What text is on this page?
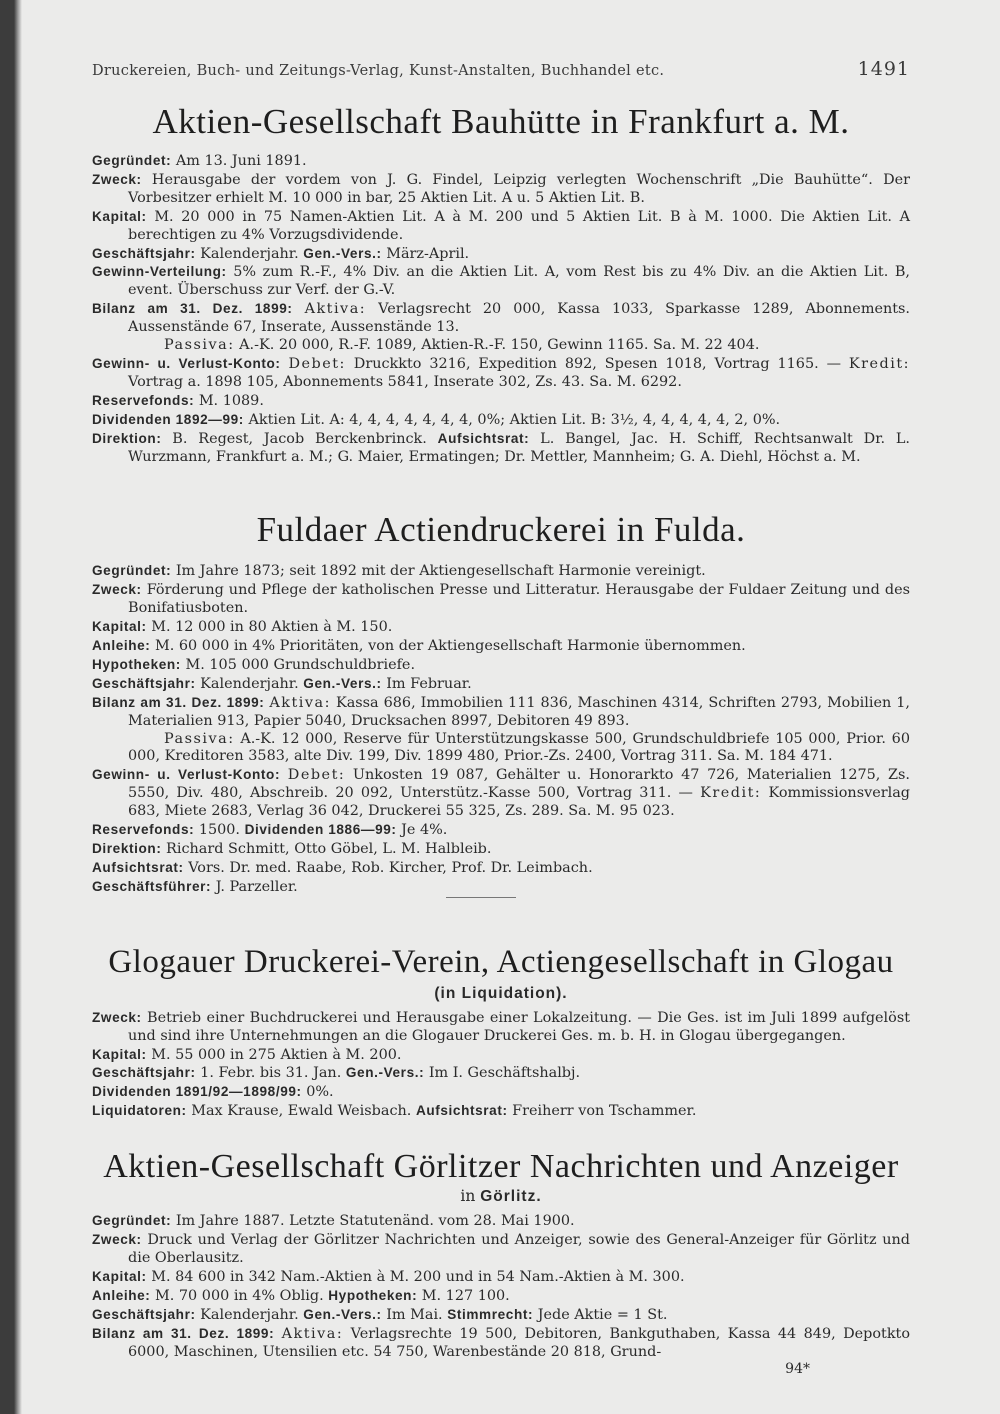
Druckereien, Buch- und Zeitungs-Verlag, Kunst-Anstalten, Buchhandel etc.	1491
Aktien-Gesellschaft Bauhütte in Frankfurt a. M.

Gegründet: Am 13. Juni 1891.

Zweck: Herausgabe der vordem von J. G. Findel, Leipzig verlegten Wochenschrift „Die Bauhütte“. Der Vorbesitzer erhielt M. 10 000 in bar, 25 Aktien Lit. A u. 5 Aktien Lit. B.

Kapital: M. 20 000 in 75 Namen-Aktien Lit. A à M. 200 und 5 Aktien Lit. B à M. 1000. Die Aktien Lit. A berechtigen zu 4% Vorzugsdividende.

Geschäftsjahr: Kalenderjahr. Gen.-Vers.: März-April.

Gewinn-Verteilung: 5% zum R.-F., 4% Div. an die Aktien Lit. A, vom Rest bis zu 4% Div. an die Aktien Lit. B, event. Überschuss zur Verf. der G.-V.

Bilanz am 31. Dez. 1899: Aktiva: Verlagsrecht 20 000, Kassa 1033, Sparkasse 1289, Abonnements. Aussenstände 67, Inserate, Aussenstände 13.

Passiva: A.-K. 20 000, R.-F. 1089, Aktien-R.-F. 150, Gewinn 1165. Sa. M. 22 404.

Gewinn- u. Verlust-Konto: Debet: Druckkto 3216, Expedition 892, Spesen 1018, Vortrag 1165. — Kredit: Vortrag a. 1898 105, Abonnements 5841, Inserate 302, Zs. 43. Sa. M. 6292.

Reservefonds: M. 1089.

Dividenden 1892—99: Aktien Lit. A: 4, 4, 4, 4, 4, 4, 4, 0%; Aktien Lit. B: 3½, 4, 4, 4, 4, 4, 2, 0%.

Direktion: B. Regest, Jacob Berckenbrinck. Aufsichtsrat: L. Bangel, Jac. H. Schiff, Rechtsanwalt Dr. L. Wurzmann, Frankfurt a. M.; G. Maier, Ermatingen; Dr. Mettler, Mannheim; G. A. Diehl, Höchst a. M.

Fuldaer Actiendruckerei in Fulda.

Gegründet: Im Jahre 1873; seit 1892 mit der Aktiengesellschaft Harmonie vereinigt.

Zweck: Förderung und Pflege der katholischen Presse und Litteratur. Herausgabe der Fuldaer Zeitung und des Bonifatiusboten.

Kapital: M. 12 000 in 80 Aktien à M. 150.

Anleihe: M. 60 000 in 4% Prioritäten, von der Aktiengesellschaft Harmonie übernommen.

Hypotheken: M. 105 000 Grundschuldbriefe.

Geschäftsjahr: Kalenderjahr. Gen.-Vers.: Im Februar.

Bilanz am 31. Dez. 1899: Aktiva: Kassa 686, Immobilien 111 836, Maschinen 4314, Schriften 2793, Mobilien 1, Materialien 913, Papier 5040, Drucksachen 8997, Debitoren 49 893.

Passiva: A.-K. 12 000, Reserve für Unterstützungskasse 500, Grundschuldbriefe 105 000, Prior. 60 000, Kreditoren 3583, alte Div. 199, Div. 1899 480, Prior.-Zs. 2400, Vortrag 311. Sa. M. 184 471.

Gewinn- u. Verlust-Konto: Debet: Unkosten 19 087, Gehälter u. Honorarkto 47 726, Materialien 1275, Zs. 5550, Div. 480, Abschreib. 20 092, Unterstütz.-Kasse 500, Vortrag 311. — Kredit: Kommissionsverlag 683, Miete 2683, Verlag 36 042, Druckerei 55 325, Zs. 289. Sa. M. 95 023.

Reservefonds: 1500. Dividenden 1886—99: Je 4%.

Direktion: Richard Schmitt, Otto Göbel, L. M. Halbleib.

Aufsichtsrat: Vors. Dr. med. Raabe, Rob. Kircher, Prof. Dr. Leimbach.

Geschäftsführer: J. Parzeller.

Glogauer Druckerei-Verein, Actiengesellschaft in Glogau
(in Liquidation).

Zweck: Betrieb einer Buchdruckerei und Herausgabe einer Lokalzeitung. — Die Ges. ist im Juli 1899 aufgelöst und sind ihre Unternehmungen an die Glogauer Druckerei Ges. m. b. H. in Glogau übergegangen.

Kapital: M. 55 000 in 275 Aktien à M. 200.

Geschäftsjahr: 1. Febr. bis 31. Jan. Gen.-Vers.: Im I. Geschäftshalbj.

Dividenden 1891/92—1898/99: 0%.

Liquidatoren: Max Krause, Ewald Weisbach. Aufsichtsrat: Freiherr von Tschammer.

Aktien-Gesellschaft Görlitzer Nachrichten und Anzeiger
in Görlitz.

Gegründet: Im Jahre 1887. Letzte Statutenänd. vom 28. Mai 1900.

Zweck: Druck und Verlag der Görlitzer Nachrichten und Anzeiger, sowie des General-Anzeiger für Görlitz und die Oberlausitz.

Kapital: M. 84 600 in 342 Nam.-Aktien à M. 200 und in 54 Nam.-Aktien à M. 300.

Anleihe: M. 70 000 in 4% Oblig. Hypotheken: M. 127 100.

Geschäftsjahr: Kalenderjahr. Gen.-Vers.: Im Mai. Stimmrecht: Jede Aktie = 1 St.

Bilanz am 31. Dez. 1899: Aktiva: Verlagsrechte 19 500, Debitoren, Bankguthaben, Kassa 44 849, Depotkto 6000, Maschinen, Utensilien etc. 54 750, Warenbestände 20 818, Grund-

94*
